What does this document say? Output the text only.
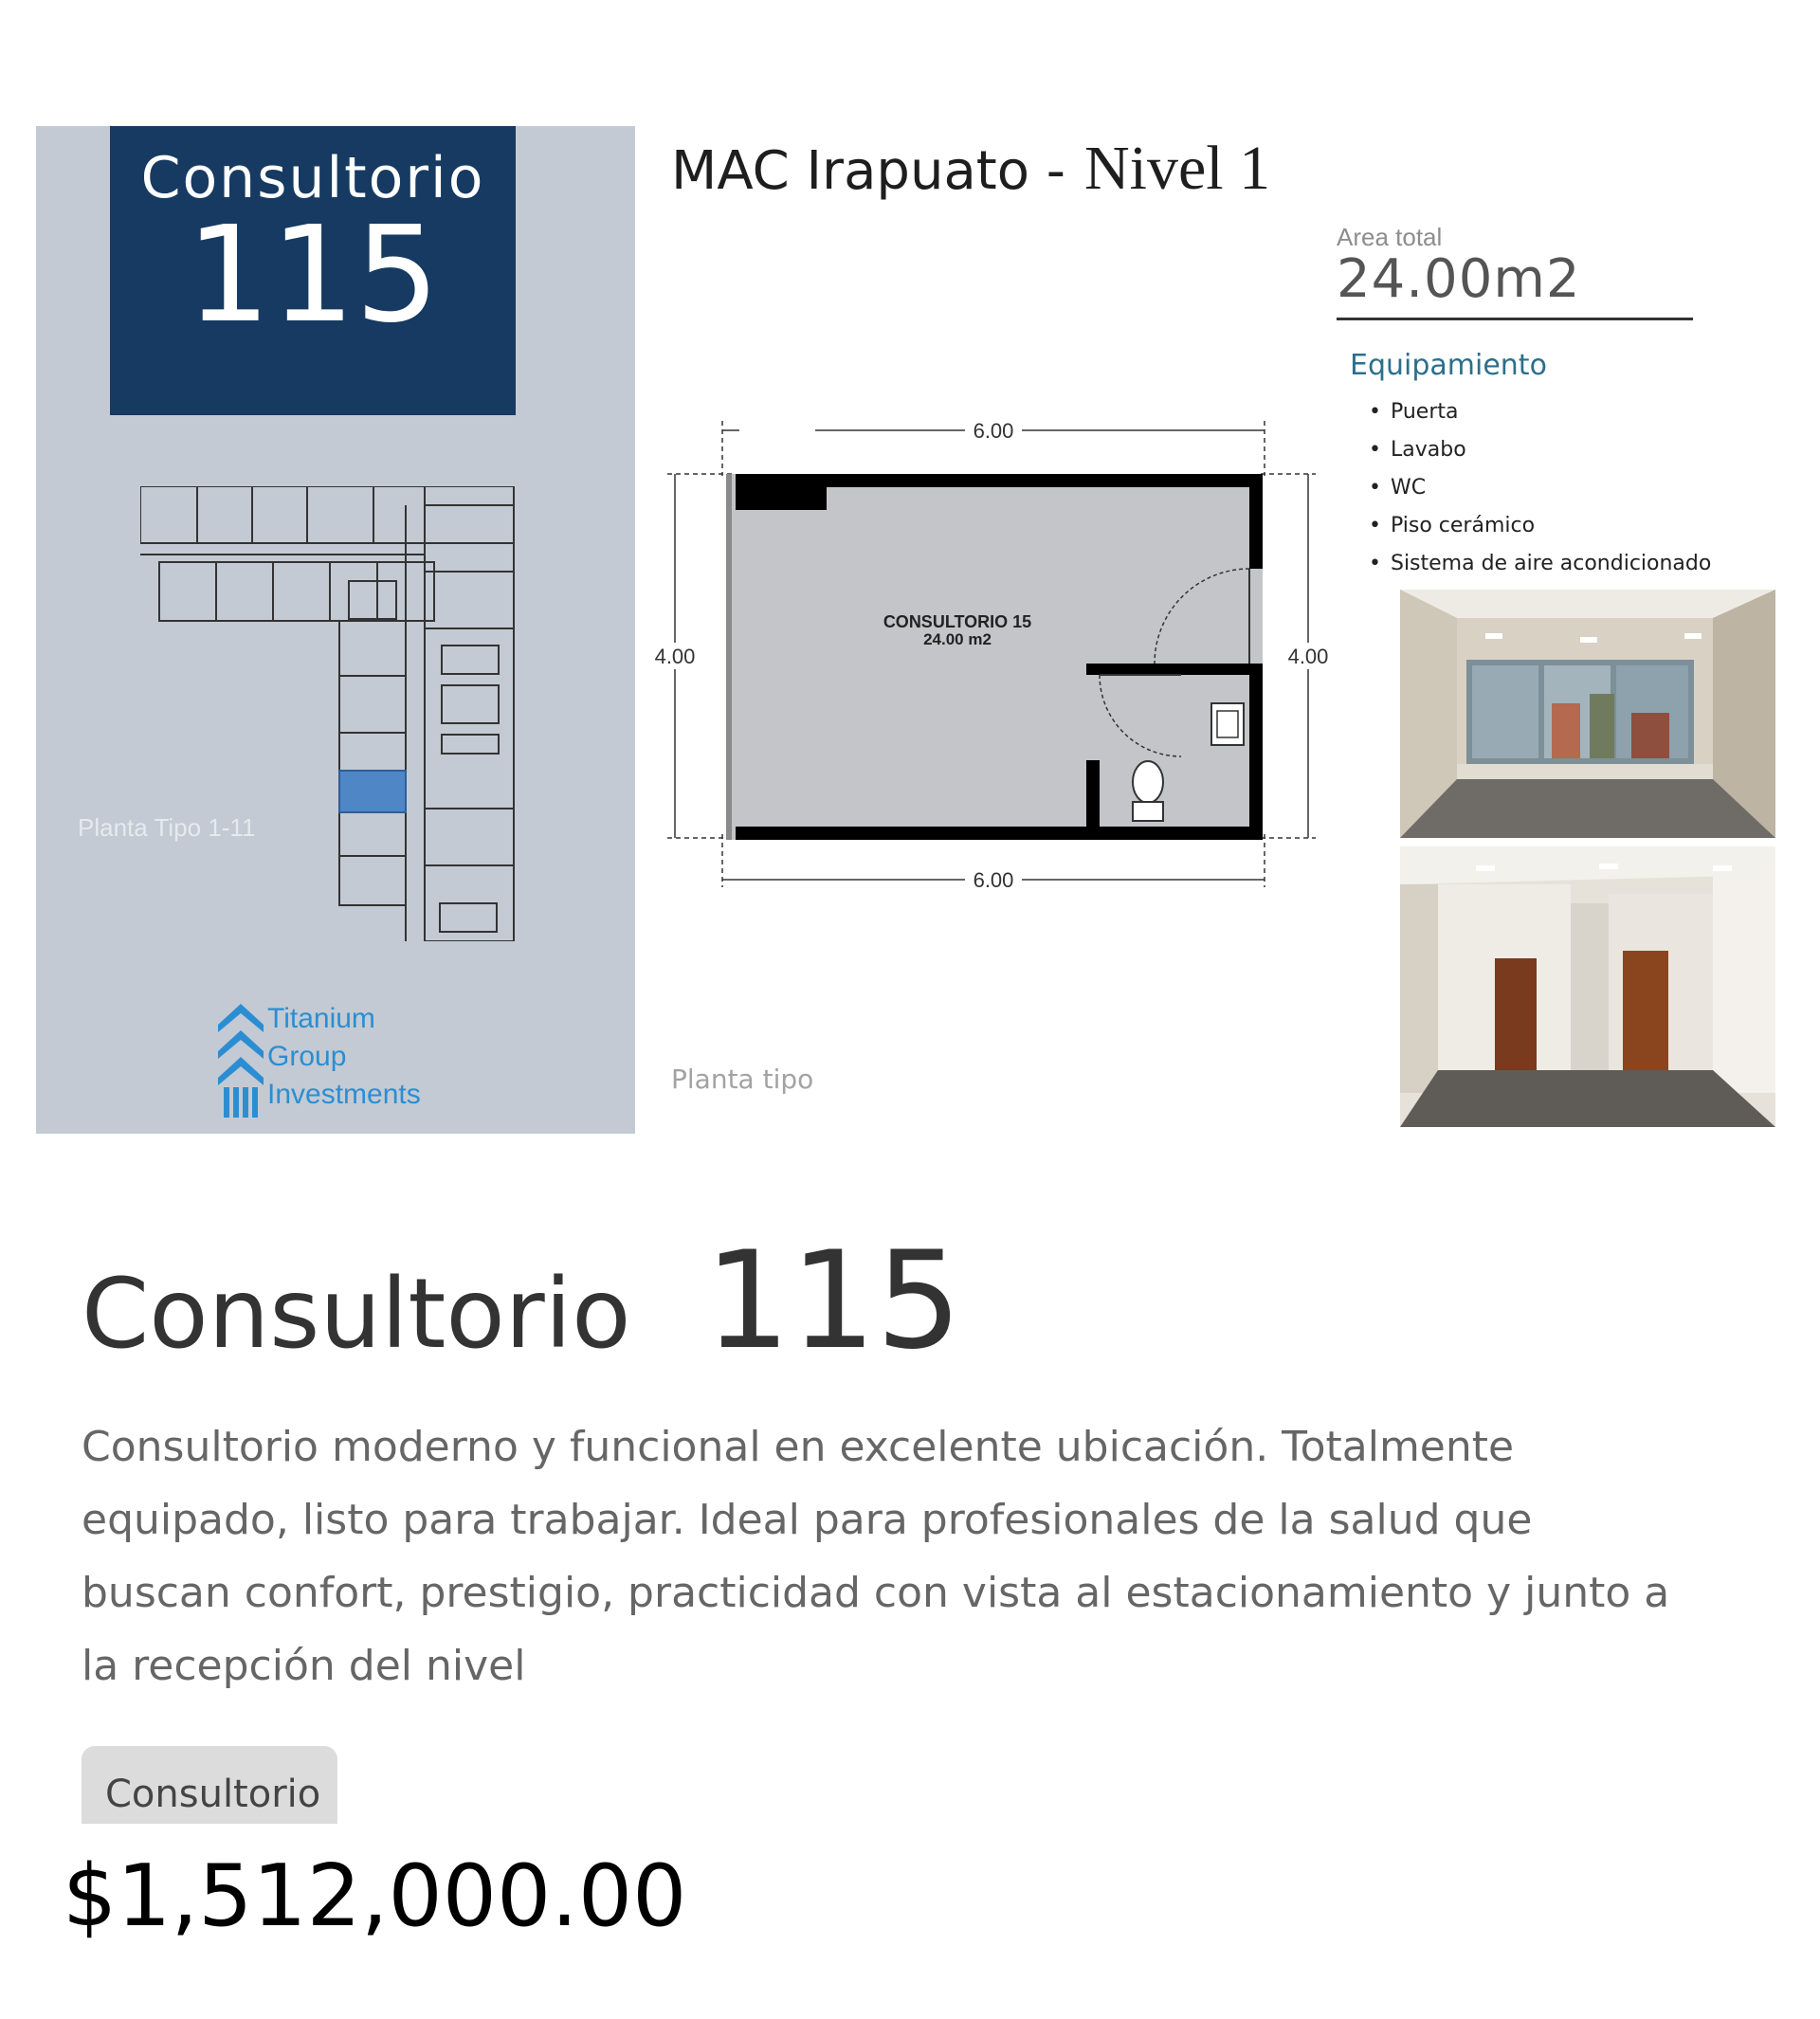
Consultorio
115
Planta Tipo 1-11
Titanium
Group
Investments
MAC Irapuato - Nivel 1
Area total
24.00m2
Equipamiento
• Puerta
• Lavabo
• WC
• Piso cerámico
• Sistema de aire acondicionado
CONSULTORIO 15
24.00 m2
6.00
6.00
4.00	4.00
Planta tipo
Consultorio 115
Consultorio moderno y funcional en excelente ubicación. Totalmente equipado, listo para trabajar. Ideal para profesionales de la salud que buscan confort, prestigio, practicidad con vista al estacionamiento y junto a la recepción del nivel
Consultorio
$1,512,000.00
